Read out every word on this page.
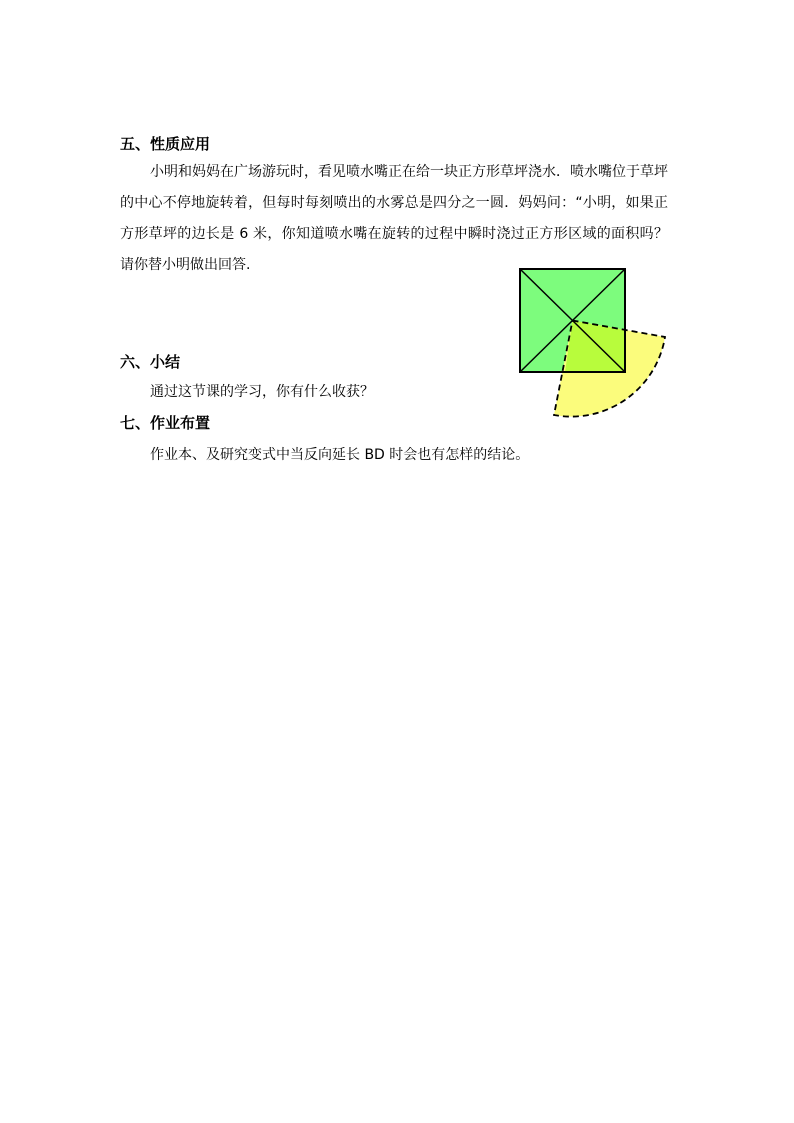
五、性质应用

小明和妈妈在广场游玩时，看见喷水嘴正在给一块正方形草坪浇水．喷水嘴位于草坪的中心不停地旋转着，但每时每刻喷出的水雾总是四分之一圆．妈妈问：“小明，如果正方形草坪的边长是 6 米，你知道喷水嘴在旋转的过程中瞬时浇过正方形区域的面积吗？请你替小明做出回答.

六、小结
通过这节课的学习，你有什么收获？
七、作业布置
作业本、及研究变式中当反向延长 BD 时会也有怎样的结论。
